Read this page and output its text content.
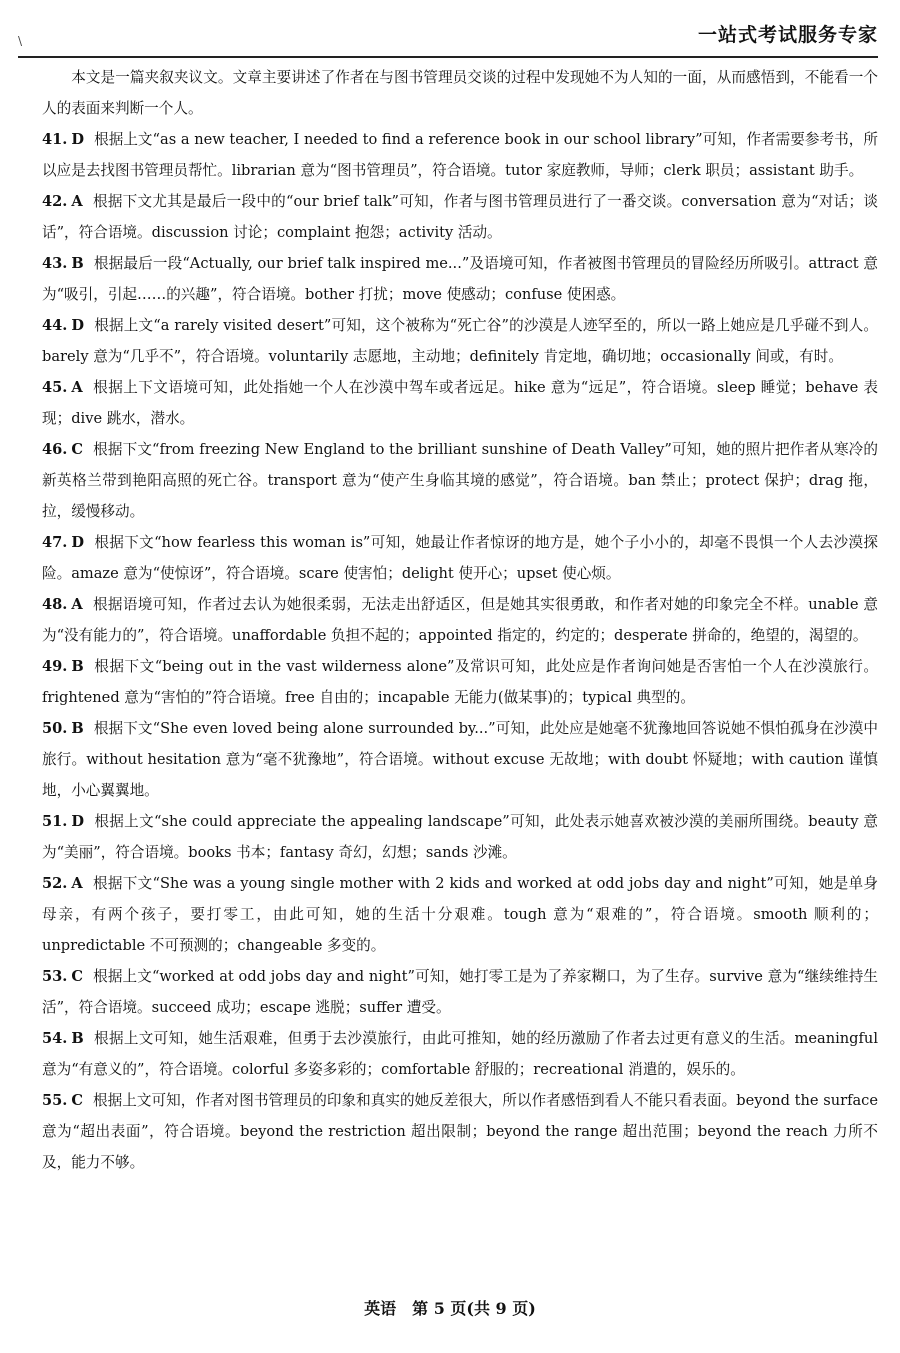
\	一站式考试服务专家

本文是一篇夹叙夹议文。文章主要讲述了作者在与图书管理员交谈的过程中发现她不为人知的一面，从而感悟到，不能看一个人的表面来判断一个人。

41. D 根据上文“as a new teacher, I needed to find a reference book in our school library”可知，作者需要参考书，所以应是去找图书管理员帮忙。librarian 意为“图书管理员”，符合语境。tutor 家庭教师，导师；clerk 职员；assistant 助手。

42. A 根据下文尤其是最后一段中的“our brief talk”可知，作者与图书管理员进行了一番交谈。conversation 意为“对话；谈话”，符合语境。discussion 讨论；complaint 抱怨；activity 活动。

43. B 根据最后一段“Actually, our brief talk inspired me...”及语境可知，作者被图书管理员的冒险经历所吸引。attract 意为“吸引，引起……的兴趣”，符合语境。bother 打扰；move 使感动；confuse 使困惑。

44. D 根据上文“a rarely visited desert”可知，这个被称为“死亡谷”的沙漠是人迹罕至的，所以一路上她应是几乎碰不到人。barely 意为“几乎不”，符合语境。voluntarily 志愿地，主动地；definitely 肯定地，确切地；occasionally 间或，有时。

45. A 根据上下文语境可知，此处指她一个人在沙漠中驾车或者远足。hike 意为“远足”，符合语境。sleep 睡觉；behave 表现；dive 跳水，潜水。

46. C 根据下文“from freezing New England to the brilliant sunshine of Death Valley”可知，她的照片把作者从寒冷的新英格兰带到艳阳高照的死亡谷。transport 意为“使产生身临其境的感觉”，符合语境。ban 禁止；protect 保护；drag 拖，拉，缓慢移动。

47. D 根据下文“how fearless this woman is”可知，她最让作者惊讶的地方是，她个子小小的，却毫不畏惧一个人去沙漠探险。amaze 意为“使惊讶”，符合语境。scare 使害怕；delight 使开心；upset 使心烦。

48. A 根据语境可知，作者过去认为她很柔弱，无法走出舒适区，但是她其实很勇敢，和作者对她的印象完全不样。unable 意为“没有能力的”，符合语境。unaffordable 负担不起的；appointed 指定的，约定的；desperate 拼命的，绝望的，渴望的。

49. B 根据下文“being out in the vast wilderness alone”及常识可知，此处应是作者询问她是否害怕一个人在沙漠旅行。frightened 意为“害怕的”符合语境。free 自由的；incapable 无能力(做某事)的；typical 典型的。

50. B 根据下文“She even loved being alone surrounded by...”可知，此处应是她毫不犹豫地回答说她不惧怕孤身在沙漠中旅行。without hesitation 意为“毫不犹豫地”，符合语境。without excuse 无故地；with doubt 怀疑地；with caution 谨慎地，小心翼翼地。

51. D 根据上文“she could appreciate the appealing landscape”可知，此处表示她喜欢被沙漠的美丽所围绕。beauty 意为“美丽”，符合语境。books 书本；fantasy 奇幻，幻想；sands 沙滩。

52. A 根据下文“She was a young single mother with 2 kids and worked at odd jobs day and night”可知，她是单身母亲，有两个孩子，要打零工，由此可知，她的生活十分艰难。tough 意为“艰难的”，符合语境。smooth 顺利的；unpredictable 不可预测的；changeable 多变的。

53. C 根据上文“worked at odd jobs day and night”可知，她打零工是为了养家糊口，为了生存。survive 意为“继续维持生活”，符合语境。succeed 成功；escape 逃脱；suffer 遭受。

54. B 根据上文可知，她生活艰难，但勇于去沙漠旅行，由此可推知，她的经历激励了作者去过更有意义的生活。meaningful 意为“有意义的”，符合语境。colorful 多姿多彩的；comfortable 舒服的；recreational 消遣的，娱乐的。

55. C 根据上文可知，作者对图书管理员的印象和真实的她反差很大，所以作者感悟到看人不能只看表面。beyond the surface 意为“超出表面”，符合语境。beyond the restriction 超出限制；beyond the range 超出范围；beyond the reach 力所不及，能力不够。

英语　第 5 页(共 9 页)
